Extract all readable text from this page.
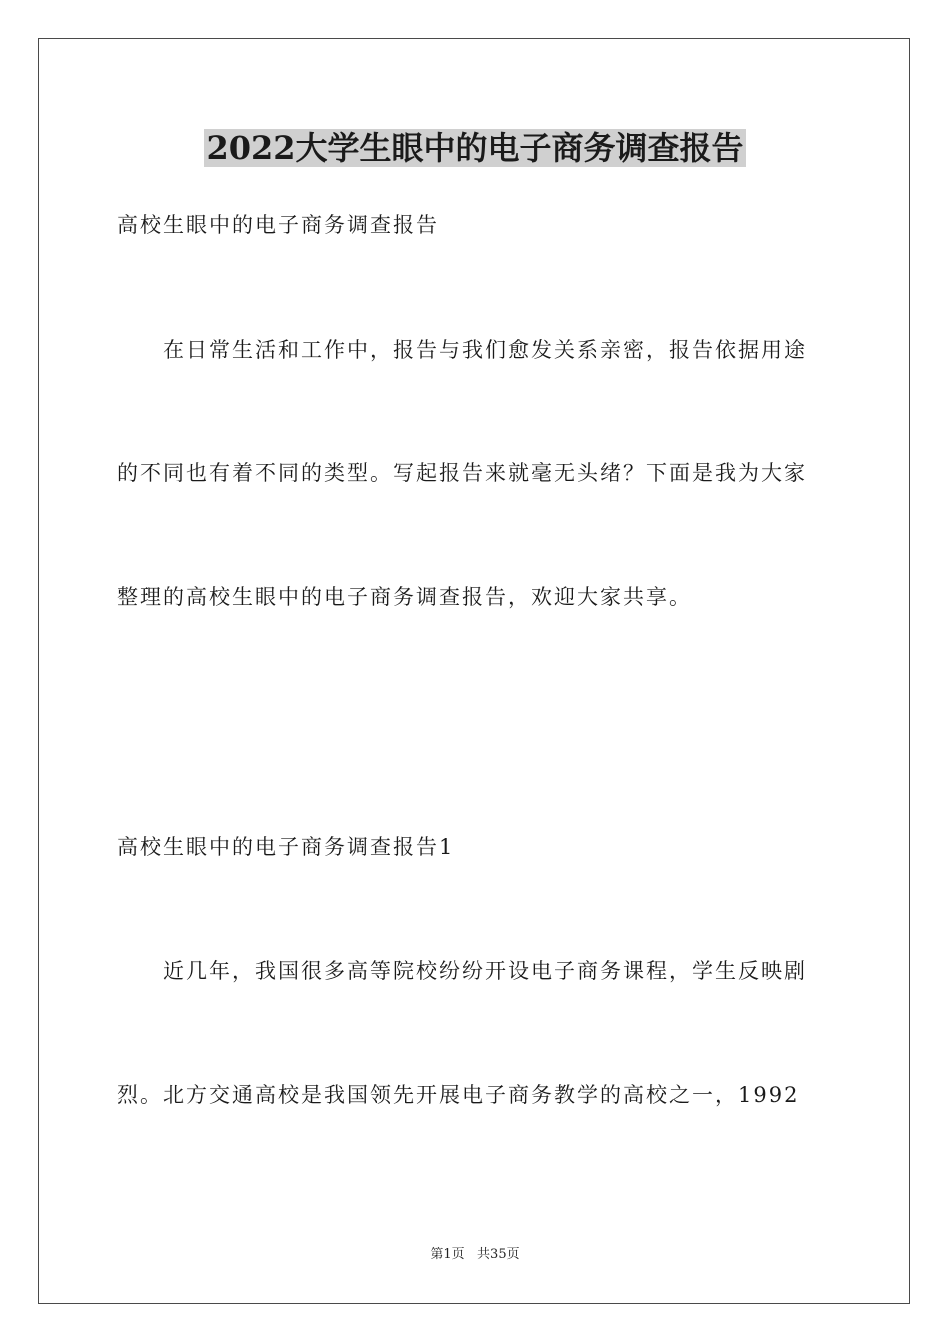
2022大学生眼中的电子商务调查报告
高校生眼中的电子商务调查报告
在日常生活和工作中，报告与我们愈发关系亲密，报告依据用途
的不同也有着不同的类型。写起报告来就毫无头绪？下面是我为大家
整理的高校生眼中的电子商务调查报告，欢迎大家共享。
高校生眼中的电子商务调查报告1
近几年，我国很多高等院校纷纷开设电子商务课程，学生反映剧
烈。北方交通高校是我国领先开展电子商务教学的高校之一，1992
第1页   共35页
